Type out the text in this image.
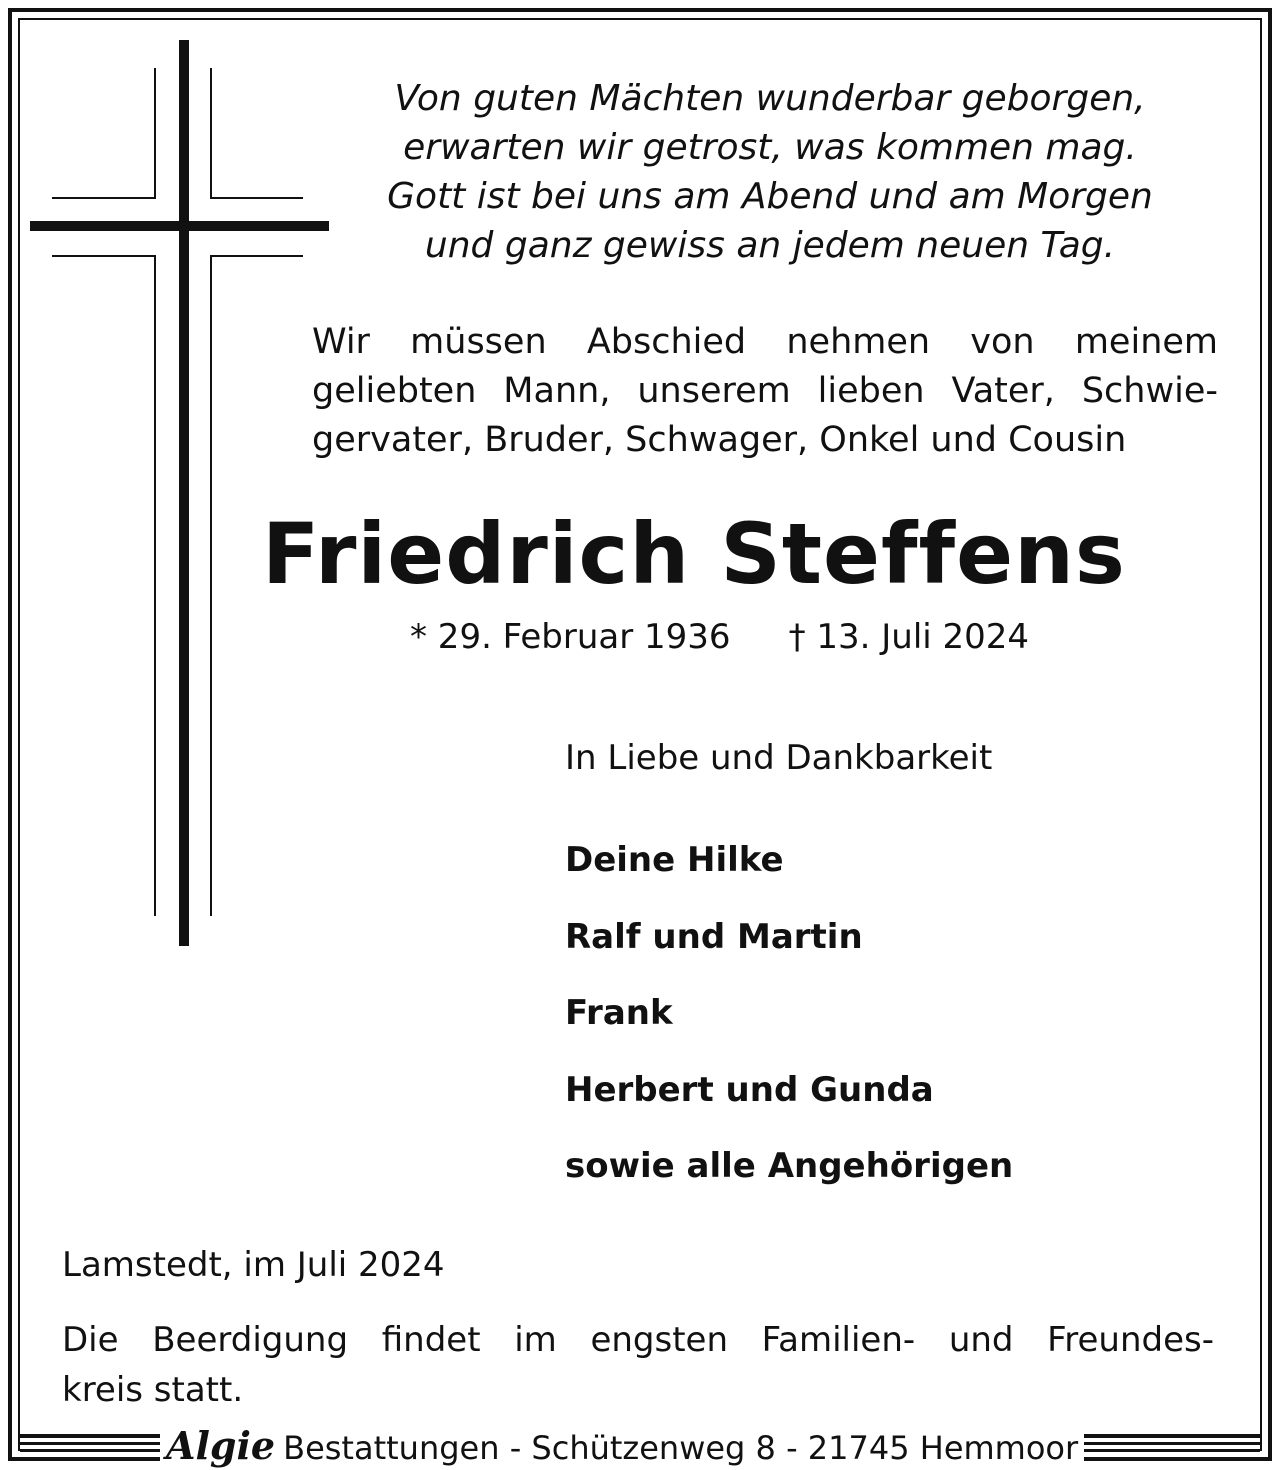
Von guten Mächten wunderbar geborgen,
erwarten wir getrost, was kommen mag.
Gott ist bei uns am Abend und am Morgen
und ganz gewiss an jedem neuen Tag.
Wir müssen Abschied nehmen von meinem
geliebten Mann, unserem lieben Vater, Schwie-
gervater, Bruder, Schwager, Onkel und Cousin
Friedrich Steffens
* 29. Februar 1936 † 13. Juli 2024
In Liebe und Dankbarkeit
Deine Hilke
Ralf und Martin
Frank
Herbert und Gunda
sowie alle Angehörigen
Lamstedt, im Juli 2024
Die Beerdigung findet im engsten Familien- und Freundes-
kreis statt.
Algie Bestattungen - Schützenweg 8 - 21745 Hemmoor
